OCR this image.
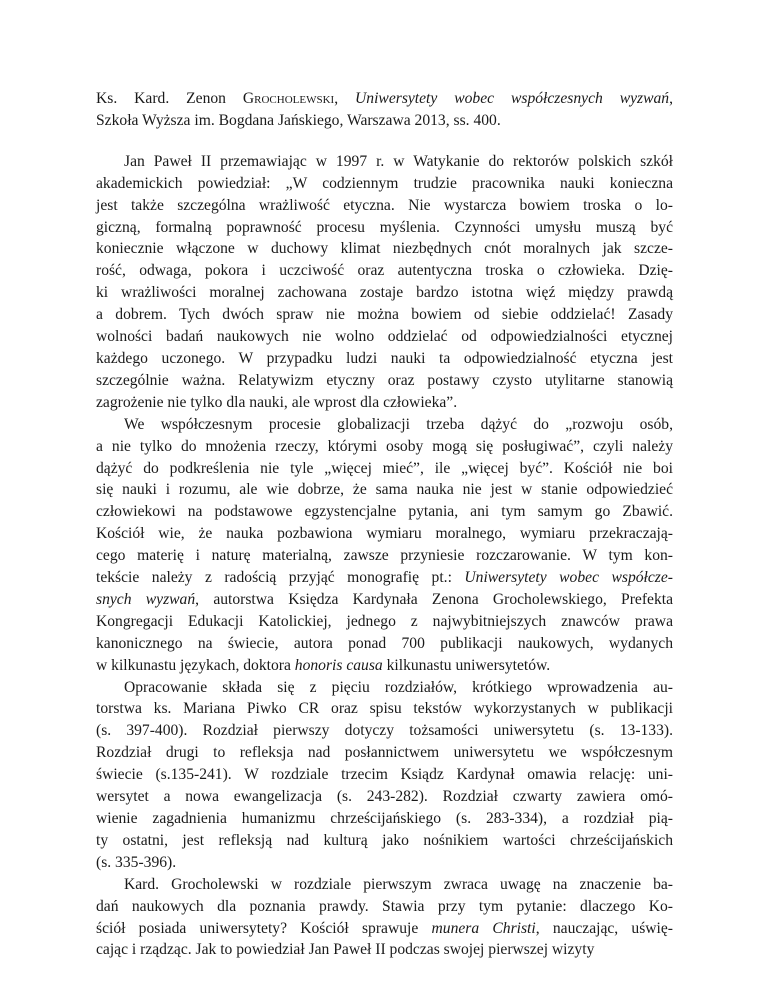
Ks. Kard. Zenon Grocholewski, Uniwersytety wobec współczesnych wyzwań,
Szkoła Wyższa im. Bogdana Jańskiego, Warszawa 2013, ss. 400.
Jan Paweł II przemawiając w 1997 r. w Watykanie do rektorów polskich szkół
akademickich powiedział: „W codziennym trudzie pracownika nauki konieczna
jest także szczególna wrażliwość etyczna. Nie wystarcza bowiem troska o lo-
giczną, formalną poprawność procesu myślenia. Czynności umysłu muszą być
koniecznie włączone w duchowy klimat niezbędnych cnót moralnych jak szcze-
rość, odwaga, pokora i uczciwość oraz autentyczna troska o człowieka. Dzię-
ki wrażliwości moralnej zachowana zostaje bardzo istotna więź między prawdą
a dobrem. Tych dwóch spraw nie można bowiem od siebie oddzielać! Zasady
wolności badań naukowych nie wolno oddzielać od odpowiedzialności etycznej
każdego uczonego. W przypadku ludzi nauki ta odpowiedzialność etyczna jest
szczególnie ważna. Relatywizm etyczny oraz postawy czysto utylitarne stanowią
zagrożenie nie tylko dla nauki, ale wprost dla człowieka”.
We współczesnym procesie globalizacji trzeba dążyć do „rozwoju osób,
a nie tylko do mnożenia rzeczy, którymi osoby mogą się posługiwać”, czyli należy
dążyć do podkreślenia nie tyle „więcej mieć”, ile „więcej być”. Kościół nie boi
się nauki i rozumu, ale wie dobrze, że sama nauka nie jest w stanie odpowiedzieć
człowiekowi na podstawowe egzystencjalne pytania, ani tym samym go Zbawić.
Kościół wie, że nauka pozbawiona wymiaru moralnego, wymiaru przekraczają-
cego materię i naturę materialną, zawsze przyniesie rozczarowanie. W tym kon-
tekście należy z radością przyjąć monografię pt.: Uniwersytety wobec współcze-
snych wyzwań, autorstwa Księdza Kardynała Zenona Grocholewskiego, Prefekta
Kongregacji Edukacji Katolickiej, jednego z najwybitniejszych znawców prawa
kanonicznego na świecie, autora ponad 700 publikacji naukowych, wydanych
w kilkunastu językach, doktora honoris causa kilkunastu uniwersytetów.
Opracowanie składa się z pięciu rozdziałów, krótkiego wprowadzenia au-
torstwa ks. Mariana Piwko CR oraz spisu tekstów wykorzystanych w publikacji
(s. 397-400). Rozdział pierwszy dotyczy tożsamości uniwersytetu (s. 13-133).
Rozdział drugi to refleksja nad posłannictwem uniwersytetu we współczesnym
świecie (s.135-241). W rozdziale trzecim Ksiądz Kardynał omawia relację: uni-
wersytet a nowa ewangelizacja (s. 243-282). Rozdział czwarty zawiera omó-
wienie zagadnienia humanizmu chrześcijańskiego (s. 283-334), a rozdział pią-
ty ostatni, jest refleksją nad kulturą jako nośnikiem wartości chrześcijańskich
(s. 335-396).
Kard. Grocholewski w rozdziale pierwszym zwraca uwagę na znaczenie ba-
dań naukowych dla poznania prawdy. Stawia przy tym pytanie: dlaczego Ko-
ściół posiada uniwersytety? Kościół sprawuje munera Christi, nauczając, uświę-
cając i rządząc. Jak to powiedział Jan Paweł II podczas swojej pierwszej wizyty
